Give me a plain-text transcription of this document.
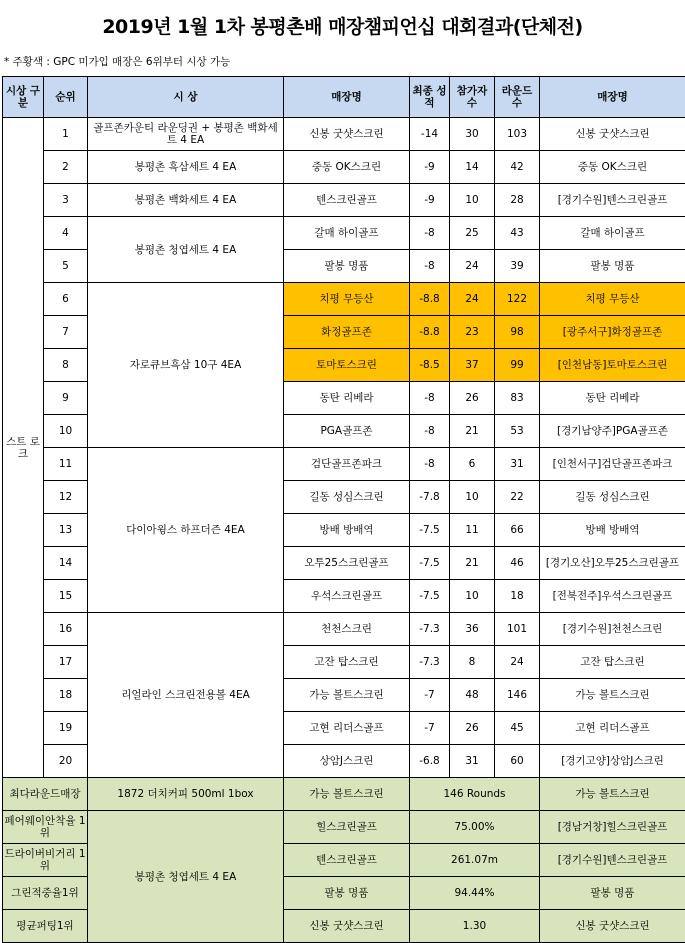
2019년 1월 1차 봉평촌배 매장챔피언십 대회결과(단체전)
* 주황색 : GPC 미가입 매장은 6위부터 시상 가능
시상 구분	순위	시 상	매장명	최종 성적	참가자 수	라운드 수	매장명
스트 로크	1	골프존카운티 라운딩권 + 봉평촌 백화세트 4 EA	신봉 굿샷스크린	-14	30	103	신봉 굿샷스크린
	2	봉평촌 흑삼세트 4 EA	중동 OK스크린	-9	14	42	중동 OK스크린
	3	봉평촌 백화세트 4 EA	텐스크린골프	-9	10	28	[경기수원]텐스크린골프
	4	봉평촌 청엽세트 4 EA	갈매 하이골프	-8	25	43	갈매 하이골프
	5		팔봉 명품	-8	24	39	팔봉 명품
	6	자로큐브흑삼 10구 4EA	치평 무등산	-8.8	24	122	치평 무등산
	7		화정골프존	-8.8	23	98	[광주서구]화정골프존
	8		토마토스크린	-8.5	37	99	[인천남동]토마토스크린
	9		동탄 리베라	-8	26	83	동탄 리베라
	10		PGA골프존	-8	21	53	[경기남양주]PGA골프존
	11	다이아윙스 하프더즌 4EA	검단골프존파크	-8	6	31	[인천서구]검단골프존파크
	12		길동 성심스크린	-7.8	10	22	길동 성심스크린
	13		방배 방배역	-7.5	11	66	방배 방배역
	14		오투25스크린골프	-7.5	21	46	[경기오산]오투25스크린골프
	15		우석스크린골프	-7.5	10	18	[전북전주]우석스크린골프
	16	리얼라인 스크린전용볼 4EA	천천스크린	-7.3	36	101	[경기수원]천천스크린
	17		고잔 탑스크린	-7.3	8	24	고잔 탑스크린
	18		가능 볼트스크린	-7	48	146	가능 볼트스크린
	19		고현 리더스골프	-7	26	45	고현 리더스골프
	20		상암J스크린	-6.8	31	60	[경기고양]상암J스크린
최다라운드매장		1872 더치커피 500ml 1box	가능 볼트스크린	146 Rounds			가능 볼트스크린
페어웨이안착율 1위		봉평촌 청엽세트 4 EA	힐스크린골프	75.00%			[경남거창]힐스크린골프
드라이버비거리 1위			텐스크린골프	261.07m			[경기수원]텐스크린골프
그린적중율1위			팔봉 명품	94.44%			팔봉 명품
평균퍼팅1위			신봉 굿샷스크린	1.30			신봉 굿샷스크린
